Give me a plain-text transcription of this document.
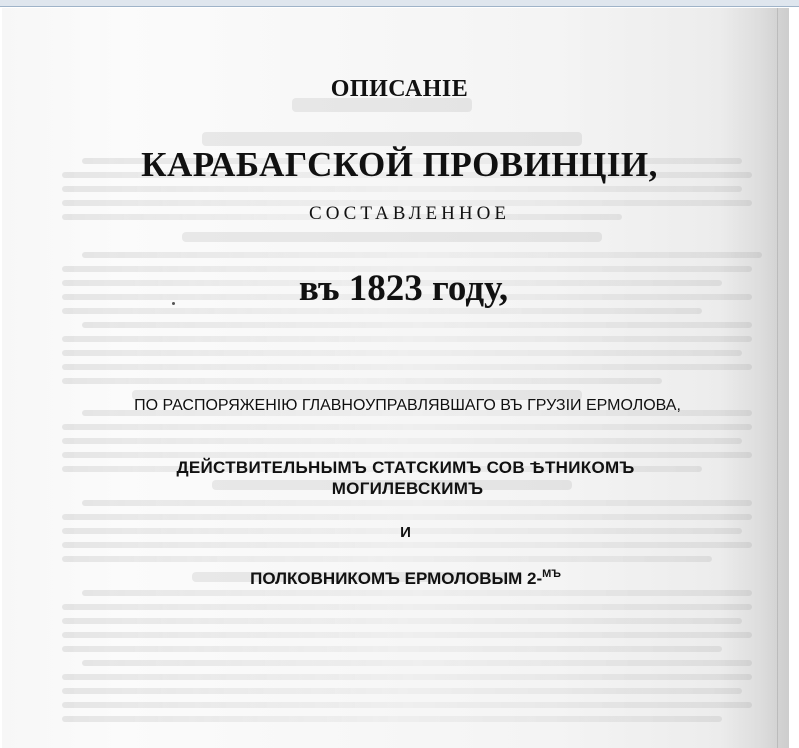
ОПИСАНІЕ
КАРАБАГСКОЙ ПРОВИНЦІИ,
СОСТАВЛЕННОЕ
въ 1823 году,
ПО РАСПОРЯЖЕНІЮ ГЛАВНОУПРАВЛЯВШАГО ВЪ ГРУЗІИ ЕРМОЛОВА,
ДЕЙСТВИТЕЛЬНЫМЪ СТАТСКИМЪ СОВ ѢТНИКОМЪ
МОГИЛЕВСКИМЪ
И
ПОЛКОВНИКОМЪ ЕРМОЛОВЫМ 2-$^{МЪ}$
